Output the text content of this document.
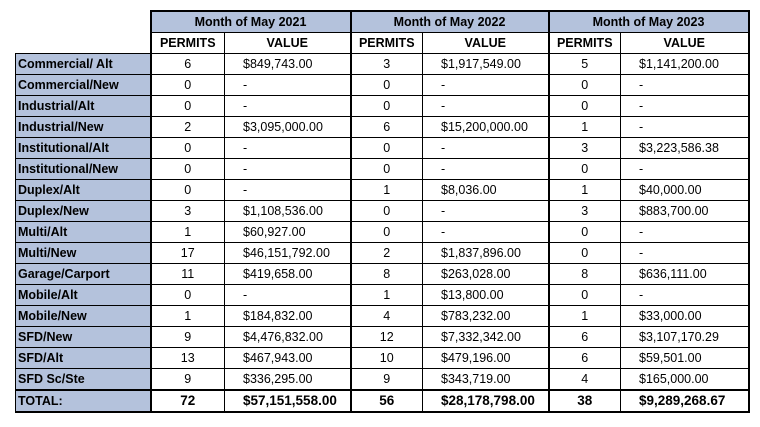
	Month of May 2021		Month of May 2022		Month of May 2023	
	PERMITS	VALUE	PERMITS	VALUE	PERMITS	VALUE
Commercial/ Alt	6	$849,743.00	3	$1,917,549.00	5	$1,141,200.00
Commercial/New	0	-	0	-	0	-
Industrial/Alt	0	-	0	-	0	-
Industrial/New	2	$3,095,000.00	6	$15,200,000.00	1	-
Institutional/Alt	0	-	0	-	3	$3,223,586.38
Institutional/New	0	-	0	-	0	-
Duplex/Alt	0	-	1	$8,036.00	1	$40,000.00
Duplex/New	3	$1,108,536.00	0	-	3	$883,700.00
Multi/Alt	1	$60,927.00	0	-	0	-
Multi/New	17	$46,151,792.00	2	$1,837,896.00	0	-
Garage/Carport	11	$419,658.00	8	$263,028.00	8	$636,111.00
Mobile/Alt	0	-	1	$13,800.00	0	-
Mobile/New	1	$184,832.00	4	$783,232.00	1	$33,000.00
SFD/New	9	$4,476,832.00	12	$7,332,342.00	6	$3,107,170.29
SFD/Alt	13	$467,943.00	10	$479,196.00	6	$59,501.00
SFD Sc/Ste	9	$336,295.00	9	$343,719.00	4	$165,000.00
TOTAL:	72	$57,151,558.00	56	$28,178,798.00	38	$9,289,268.67
